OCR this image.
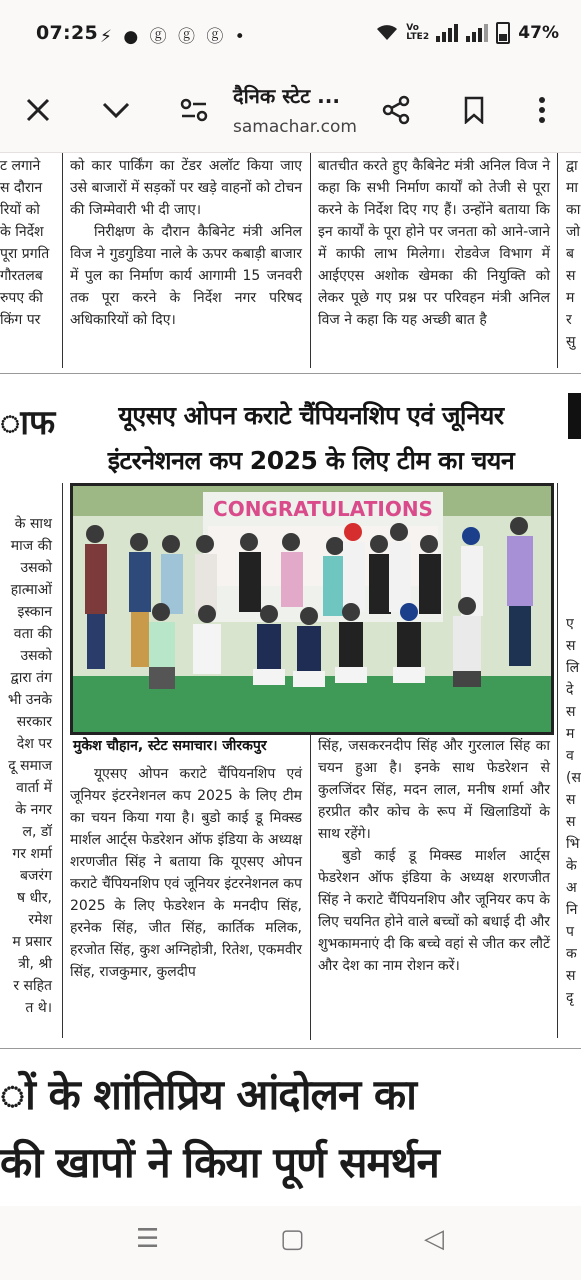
07:25 ⚡ ● ⓖ ⓖ ⓖ •	Vo LTE2	47%
दैनिक स्टेट ...
samachar.com
ट लगाने
स दौरान
रियों को
के निर्देश
पूरा प्रगति
गौरतलब
रुपए की
किंग पर

को कार पार्किंग का टेंडर अलॉट किया जाए उसे बाजारों में सड़कों पर खड़े वाहनों को टोचन की जिम्मेवारी भी दी जाए।

निरीक्षण के दौरान कैबिनेट मंत्री अनिल विज ने गुडगुडिया नाले के ऊपर कबाड़ी बाजार में पुल का निर्माण कार्य आगामी 15 जनवरी तक पूरा करने के निर्देश नगर परिषद अधिकारियों को दिए।

बातचीत करते हुए कैबिनेट मंत्री अनिल विज ने कहा कि सभी निर्माण कार्यों को तेजी से पूरा करने के निर्देश दिए गए हैं। उन्होंने बताया कि इन कार्यों के पूरा होने पर जनता को आने-जाने में काफी लाभ मिलेगा। रोडवेज विभाग में आईएएस अशोक खेमका की नियुक्ति को लेकर पूछे गए प्रश्न पर परिवहन मंत्री अनिल विज ने कहा कि यह अच्छी बात है

द्वा
मा
का
जो
ब
स
म
र
सु
ाफ	यूएसए ओपन कराटे चैंपियनशिप एवं जूनियर इंटरनेशनल कप 2025 के लिए टीम का चयन
CONGRATULATIONS
के साथ
माज की
उसको
हात्माओं
इस्कान
वता की
उसको
द्वारा तंग
भी उनके
सरकार
देश पर
दू समाज
वार्ता में
के नगर
ल, डॉ
गर शर्मा
बजरंग
ष धीर,
रमेश
म प्रसार
त्री, श्री
र सहित
त थे।
मुकेश चौहान, स्टेट समाचार। जीरकपुर

यूएसए ओपन कराटे चैंपियनशिप एवं जूनियर इंटरनेशनल कप 2025 के लिए टीम का चयन किया गया है। बुडो काई डू मिक्स्ड मार्शल आर्ट्स फेडरेशन ऑफ इंडिया के अध्यक्ष शरणजीत सिंह ने बताया कि यूएसए ओपन कराटे चैंपियनशिप एवं जूनियर इंटरनेशनल कप 2025 के लिए फेडरेशन के मनदीप सिंह, हरनेक सिंह, जीत सिंह, कार्तिक मलिक, हरजोत सिंह, कुश अग्निहोत्री, रितेश, एकमवीर सिंह, राजकुमार, कुलदीप

सिंह, जसकरनदीप सिंह और गुरलाल सिंह का चयन हुआ है। इनके साथ फेडरेशन से कुलजिंदर सिंह, मदन लाल, मनीष शर्मा और हरप्रीत कौर कोच के रूप में खिलाडियों के साथ रहेंगे।

बुडो काई डू मिक्स्ड मार्शल आर्ट्स फेडरेशन ऑफ इंडिया के अध्यक्ष शरणजीत सिंह ने कराटे चैंपियनशिप और जूनियर कप के लिए चयनित होने वाले बच्चों को बधाई दी और शुभकामनाएं दी कि बच्चे वहां से जीत कर लौटें और देश का नाम रोशन करें।

ए
स
लि
दे
स
म
व
(स
स
स
भि
के
अ
नि
प
क
स
दृ
ों के शांतिप्रिय आंदोलन का
की खापों ने किया पूर्ण समर्थन
☰	▢	◁
